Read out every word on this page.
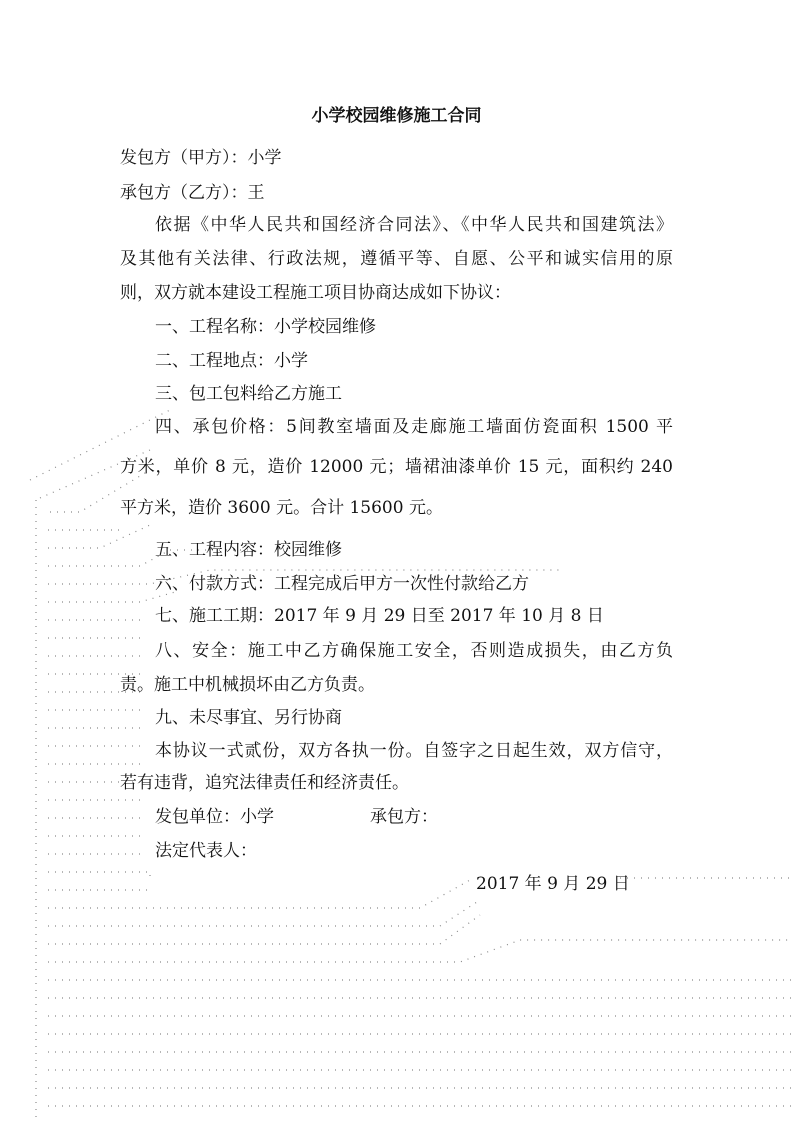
小学校园维修施工合同

发包方（甲方）：小学

承包方（乙方）：王

依据《中华人民共和国经济合同法》、《中华人民共和国建筑法》

及其他有关法律、行政法规，遵循平等、自愿、公平和诚实信用的原

则，双方就本建设工程施工项目协商达成如下协议：

一、工程名称：小学校园维修

二、工程地点：小学

三、包工包料给乙方施工

四、承包价格：5间教室墙面及走廊施工墙面仿瓷面积 1500 平

方米，单价 8 元，造价 12000 元；墙裙油漆单价 15 元，面积约 240

平方米，造价 3600 元。合计 15600 元。

五、工程内容：校园维修

六、付款方式：工程完成后甲方一次性付款给乙方

七、施工工期：2017 年 9 月 29 日至 2017 年 10 月 8 日

八、安全：施工中乙方确保施工安全，否则造成损失，由乙方负

责。施工中机械损坏由乙方负责。

九、未尽事宜、另行协商

本协议一式贰份，双方各执一份。自签字之日起生效，双方信守，

若有违背，追究法律责任和经济责任。

发包单位：小学	承包方：

法定代表人：

2017 年 9 月 29 日
